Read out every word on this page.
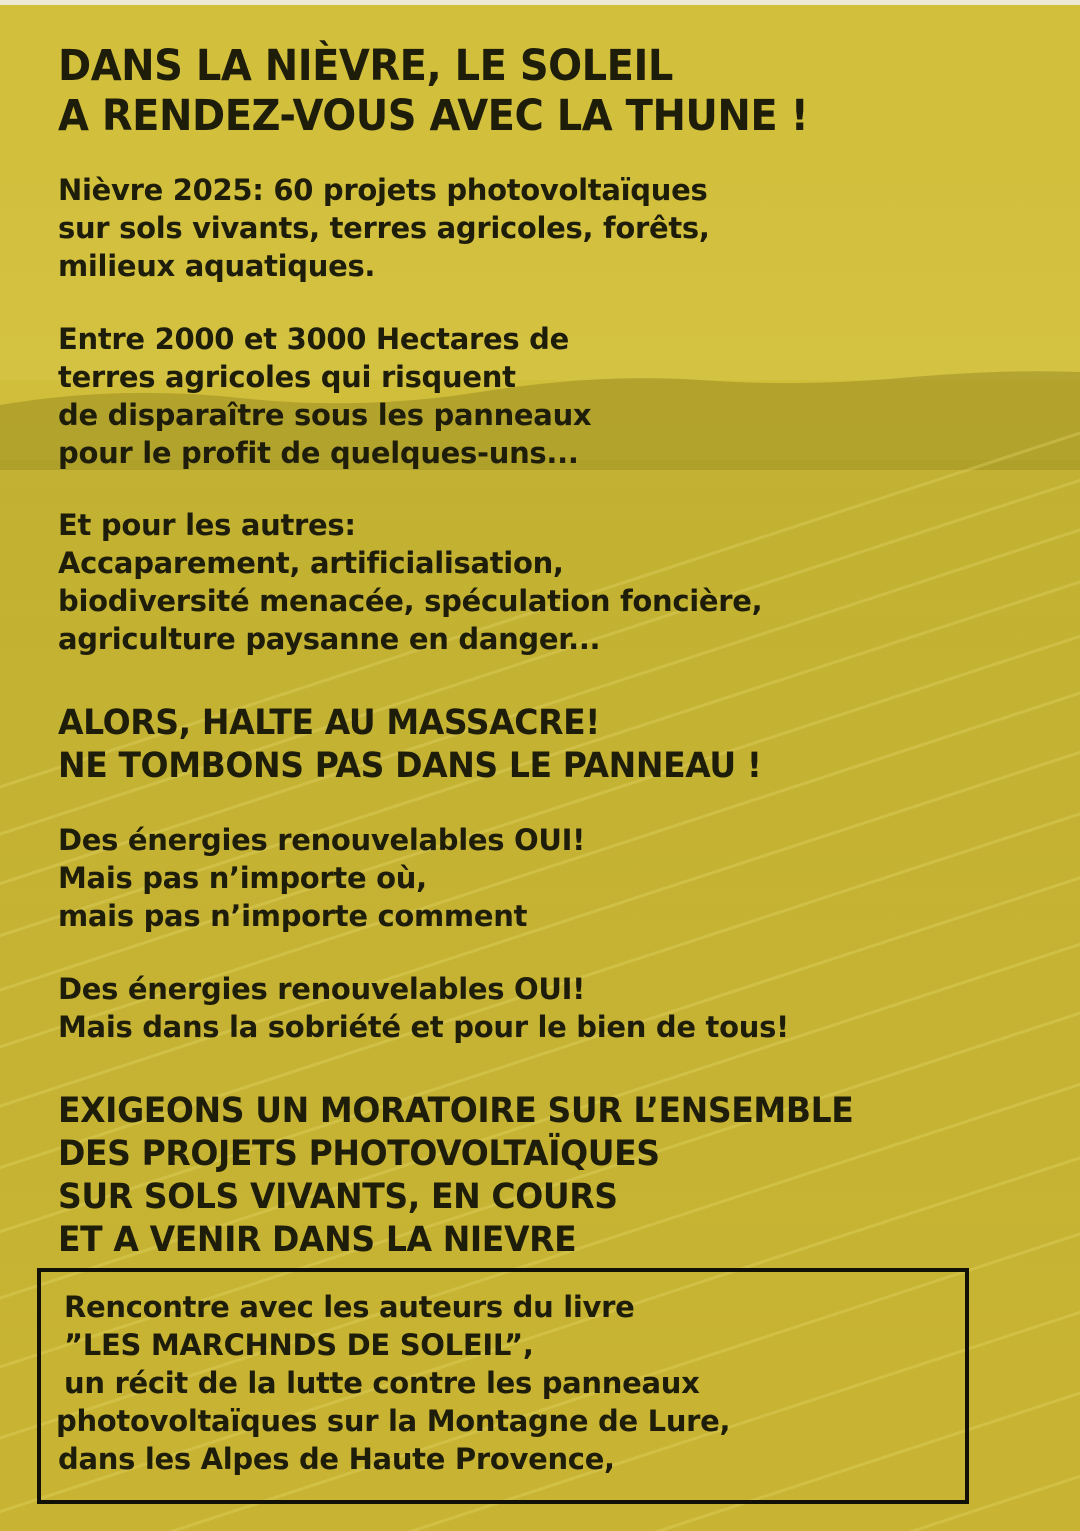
DANS LA NIÈVRE, LE SOLEIL
A RENDEZ-VOUS AVEC LA THUNE !
Nièvre 2025: 60 projets photovoltaïques
sur sols vivants, terres agricoles, forêts,
milieux aquatiques.
Entre 2000 et 3000 Hectares de
terres agricoles qui risquent
de disparaître sous les panneaux
pour le profit de quelques-uns...
Et pour les autres:
Accaparement, artificialisation,
biodiversité menacée, spéculation foncière,
agriculture paysanne en danger...
ALORS, HALTE AU MASSACRE!
NE TOMBONS PAS DANS LE PANNEAU !
Des énergies renouvelables OUI!
Mais pas n’importe où,
mais pas n’importe comment
Des énergies renouvelables OUI!
Mais dans la sobriété et pour le bien de tous!
EXIGEONS UN MORATOIRE SUR L’ENSEMBLE
DES PROJETS PHOTOVOLTAÏQUES
SUR SOLS VIVANTS, EN COURS
ET A VENIR DANS LA NIEVRE
Rencontre avec les auteurs du livre
”LES MARCHNDS DE SOLEIL”,
un récit de la lutte contre les panneaux
photovoltaïques sur la Montagne de Lure,
dans les Alpes de Haute Provence,
